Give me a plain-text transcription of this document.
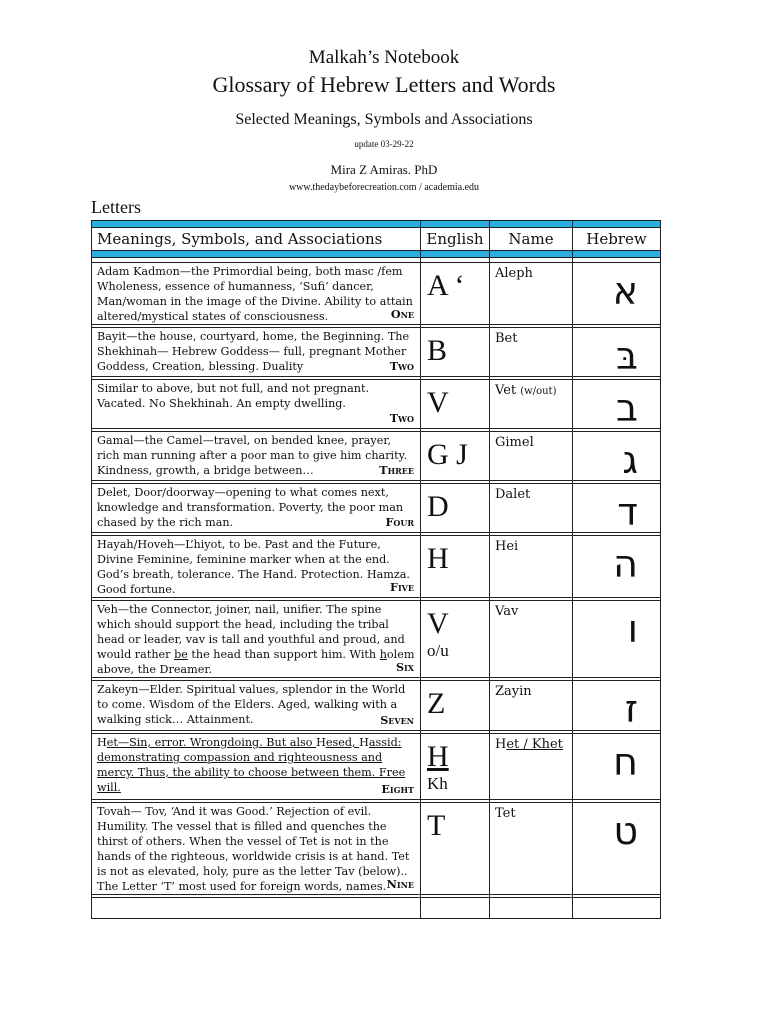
Malkah’s Notebook
Glossary of Hebrew Letters and Words
Selected Meanings, Symbols and Associations
update 03-29-22
Mira Z Amiras. PhD
www.thedaybeforecreation.com / academia.edu
Letters

Meanings, Symbols, and Associations	English	Name	Hebrew

Adam Kadmon—the Primordial being, both masc /fem Wholeness, essence of humanness, ‘Sufi’ dancer, Man/woman in the image of the Divine. Ability to attain altered/mystical states of consciousness. One	A ‘	Aleph	א

Bayit—the house, courtyard, home, the Beginning. The Shekhinah— Hebrew Goddess— full, pregnant Mother Goddess, Creation, blessing. Duality Two	B	Bet	בּ

Similar to above, but not full, and not pregnant. Vacated. No Shekhinah. An empty dwelling.
Two	V	Vet (w/out)	ב

Gamal—the Camel—travel, on bended knee, prayer, rich man running after a poor man to give him charity. Kindness, growth, a bridge between… Three	G J	Gimel	ג

Delet, Door/doorway—opening to what comes next, knowledge and transformation. Poverty, the poor man chased by the rich man. Four	D	Dalet	ד

Hayah/Hoveh—L’hiyot, to be. Past and the Future, Divine Feminine, feminine marker when at the end. God’s breath, tolerance. The Hand. Protection. Hamza. Good fortune. Five	H	Hei	ה

Veh—the Connector, joiner, nail, unifier. The spine which should support the head, including the tribal head or leader, vav is tall and youthful and proud, and would rather be the head than support him. With holem above, the Dreamer. Six	V
o/u	Vav	ו

Zakeyn—Elder. Spiritual values, splendor in the World to come. Wisdom of the Elders. Aged, walking with a walking stick… Attainment. Seven	Z	Zayin	ז

Het—Sin, error. Wrongdoing. But also Hesed, Hassid: demonstrating compassion and righteousness and mercy. Thus, the ability to choose between them. Free will. Eight	H
Kh	Het / Khet	ח

Tovah— Tov, ‘And it was Good.’ Rejection of evil. Humility. The vessel that is filled and quenches the thirst of others. When the vessel of Tet is not in the hands of the righteous, worldwide crisis is at hand. Tet is not as elevated, holy, pure as the letter Tav (below).. The Letter ‘T’ most used for foreign words, names. Nine	T	Tet	ט
